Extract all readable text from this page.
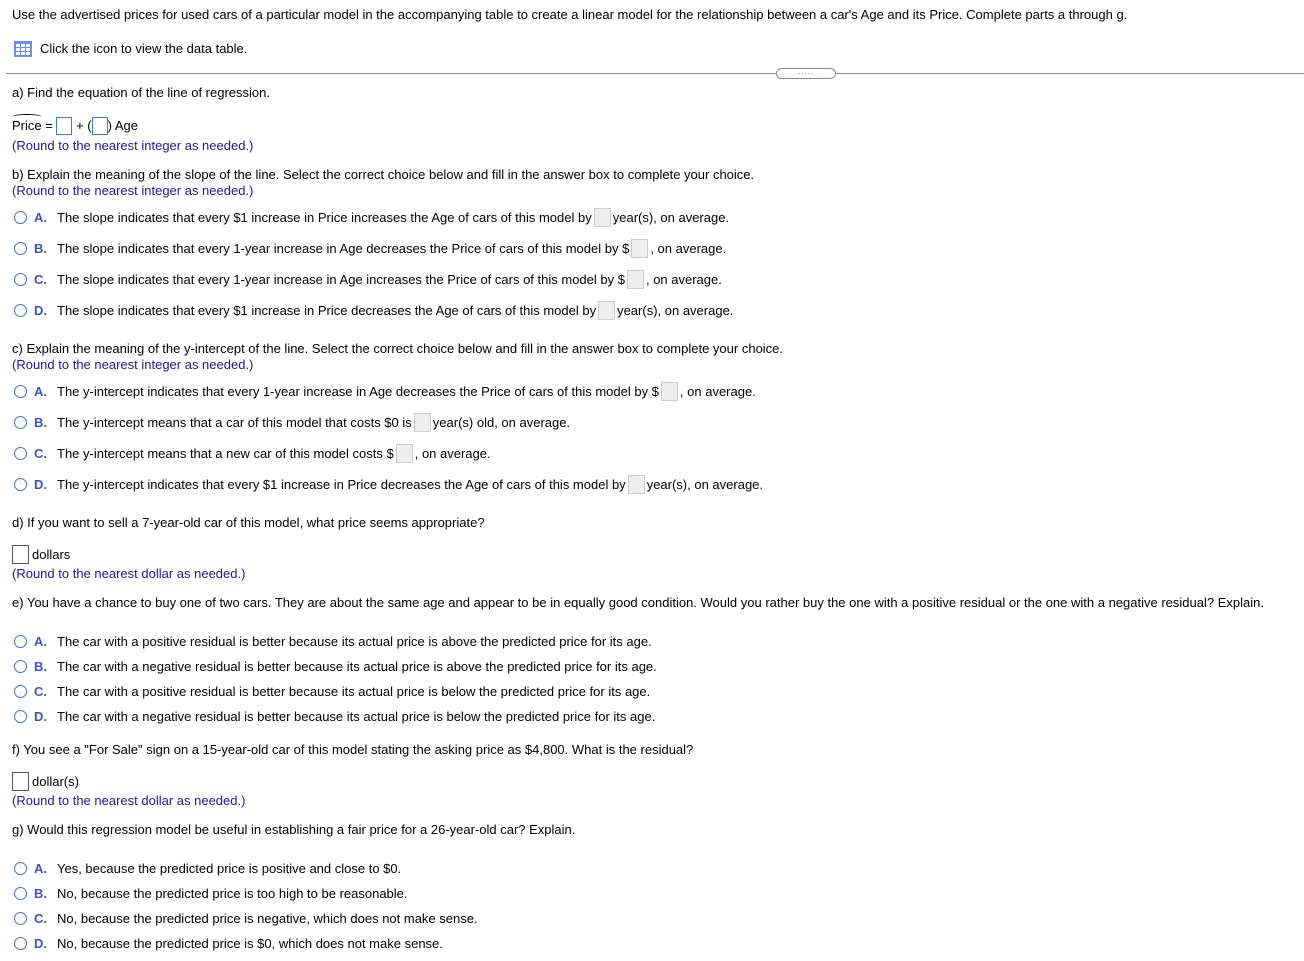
Use the advertised prices for used cars of a particular model in the accompanying table to create a linear model for the relationship between a car's Age and its Price. Complete parts a through g.
Click the icon to view the data table.
.....
a) Find the equation of the line of regression.
Price
=

+ ( ) Age
(Round to the nearest integer as needed.)
b) Explain the meaning of the slope of the line. Select the correct choice below and fill in the answer box to complete your choice.
(Round to the nearest integer as needed.)
A. The slope indicates that every $1 increase in Price increases the Age of cars of this model by year(s), on average.
B. The slope indicates that every 1-year increase in Age decreases the Price of cars of this model by $ , on average.
C. The slope indicates that every 1-year increase in Age increases the Price of cars of this model by $ , on average.
D. The slope indicates that every $1 increase in Price decreases the Age of cars of this model by year(s), on average.
c) Explain the meaning of the y-intercept of the line. Select the correct choice below and fill in the answer box to complete your choice.
(Round to the nearest integer as needed.)
A. The y-intercept indicates that every 1-year increase in Age decreases the Price of cars of this model by $ , on average.
B. The y-intercept means that a car of this model that costs $0 is year(s) old, on average.
C. The y-intercept means that a new car of this model costs $ , on average.
D. The y-intercept indicates that every $1 increase in Price decreases the Age of cars of this model by year(s), on average.
d) If you want to sell a 7-year-old car of this model, what price seems appropriate?
dollars
(Round to the nearest dollar as needed.)
e) You have a chance to buy one of two cars. They are about the same age and appear to be in equally good condition. Would you rather buy the one with a positive residual or the one with a negative residual? Explain.
A. The car with a positive residual is better because its actual price is above the predicted price for its age.
B. The car with a negative residual is better because its actual price is above the predicted price for its age.
C. The car with a positive residual is better because its actual price is below the predicted price for its age.
D. The car with a negative residual is better because its actual price is below the predicted price for its age.
f) You see a "For Sale" sign on a 15-year-old car of this model stating the asking price as $4,800. What is the residual?
dollar(s)
(Round to the nearest dollar as needed.)
g) Would this regression model be useful in establishing a fair price for a 26-year-old car? Explain.
A. Yes, because the predicted price is positive and close to $0.
B. No, because the predicted price is too high to be reasonable.
C. No, because the predicted price is negative, which does not make sense.
D. No, because the predicted price is $0, which does not make sense.
